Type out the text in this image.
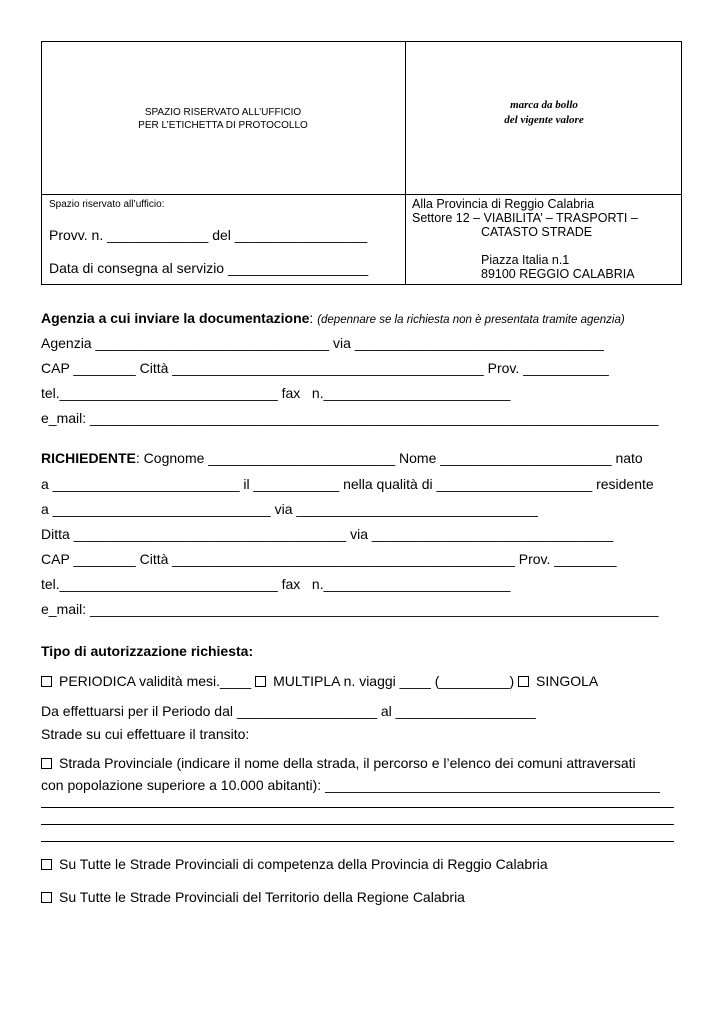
SPAZIO RISERVATO ALL’UFFICIO
PER L’ETICHETTA DI PROTOCOLLO
marca da bollo
del vigente valore
Spazio riservato all’ufficio:
Provv. n. _____________ del _________________
Data di consegna al servizio __________________
Alla Provincia di Reggio Calabria
Settore 12 – VIABILITA’ – TRASPORTI –
CATASTO STRADE
Piazza Italia n.1
89100 REGGIO CALABRIA
Agenzia a cui inviare la documentazione: (depennare se la richiesta non è presentata tramite agenzia)
Agenzia ______________________________ via ________________________________
CAP ________ Città ________________________________________ Prov. ___________
tel.____________________________ fax   n.________________________
e_mail: _________________________________________________________________________
RICHIEDENTE: Cognome ________________________ Nome ______________________ nato
a ________________________ il ___________ nella qualità di ____________________ residente
a ____________________________ via _______________________________
Ditta ___________________________________ via _______________________________
CAP ________ Città ____________________________________________ Prov. ________
tel.____________________________ fax   n.________________________
e_mail: _________________________________________________________________________
Tipo di autorizzazione richiesta:
PERIODICA validità mesi.____ MULTIPLA n. viaggi ____ (_________) SINGOLA
Da effettuarsi per il Periodo dal __________________ al __________________
Strade su cui effettuare il transito:
Strada Provinciale (indicare il nome della strada, il percorso e l’elenco dei comuni attraversati
con popolazione superiore a 10.000 abitanti): ___________________________________________
Su Tutte le Strade Provinciali di competenza della Provincia di Reggio Calabria
Su Tutte le Strade Provinciali del Territorio della Regione Calabria
